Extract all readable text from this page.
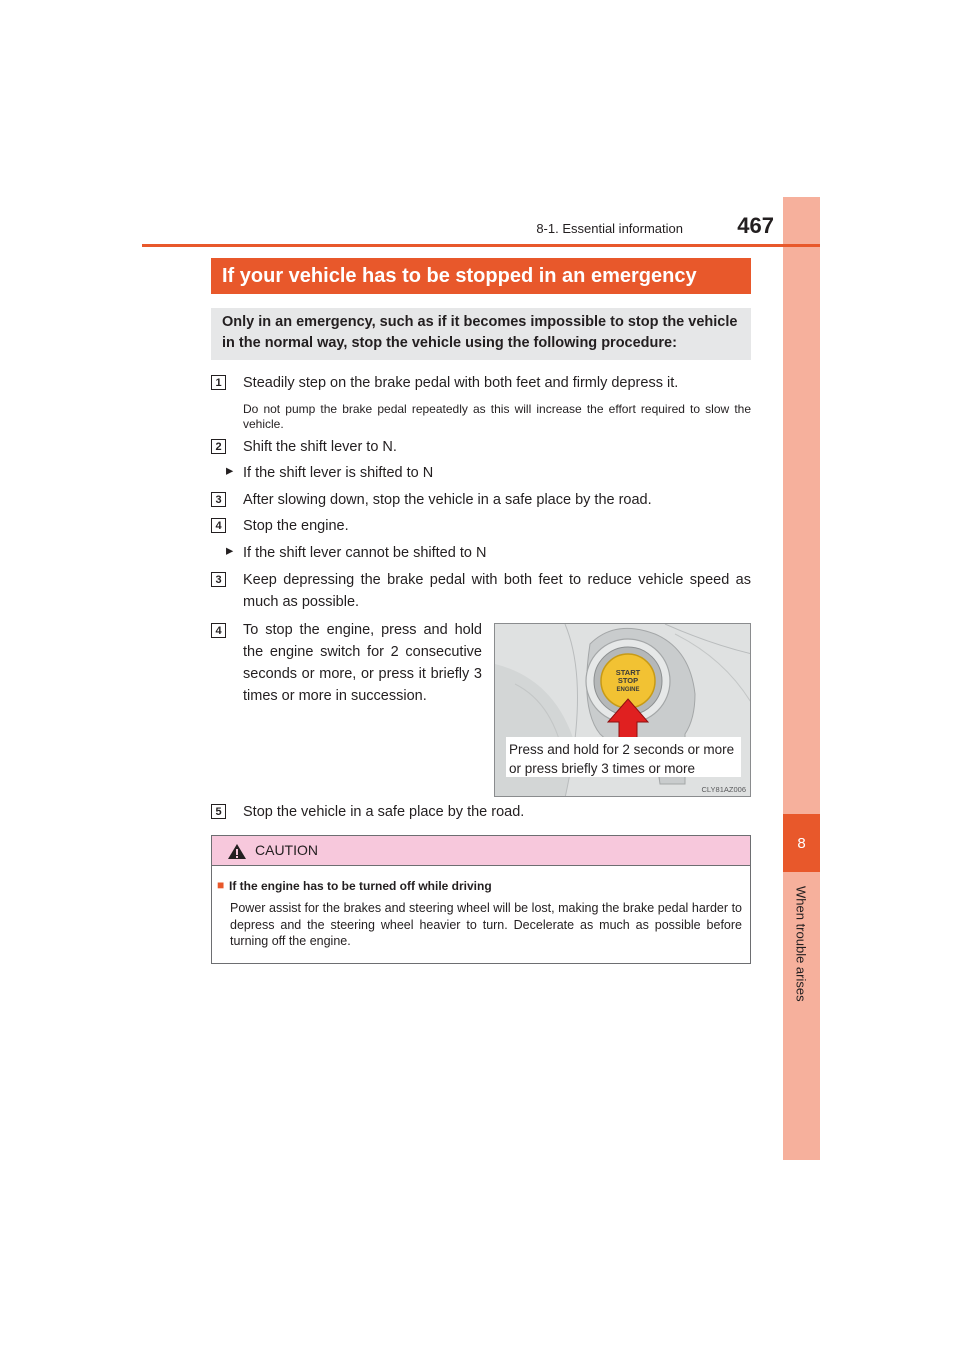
8
When trouble arises
8-1. Essential information	467
If your vehicle has to be stopped in an emergency
Only in an emergency, such as if it becomes impossible to stop the vehicle in the normal way, stop the vehicle using the following procedure:
1	Steadily step on the brake pedal with both feet and firmly depress it.
Do not pump the brake pedal repeatedly as this will increase the effort required to slow the vehicle.
2	Shift the shift lever to N.
▸ If the shift lever is shifted to N
3	After slowing down, stop the vehicle in a safe place by the road.
4	Stop the engine.
▸ If the shift lever cannot be shifted to N
3	Keep depressing the brake pedal with both feet to reduce vehicle speed as much as possible.
4	To stop the engine, press and hold the engine switch for 2 consecutive seconds or more, or press it briefly 3 times or more in succession.
START
STOP
ENGINE
Press and hold for 2 seconds or more
or press briefly 3 times or more
CLY81AZ006
5	Stop the vehicle in a safe place by the road.
CAUTION
■ If the engine has to be turned off while driving
Power assist for the brakes and steering wheel will be lost, making the brake pedal harder to depress and the steering wheel heavier to turn. Decelerate as much as possible before turning off the engine.
